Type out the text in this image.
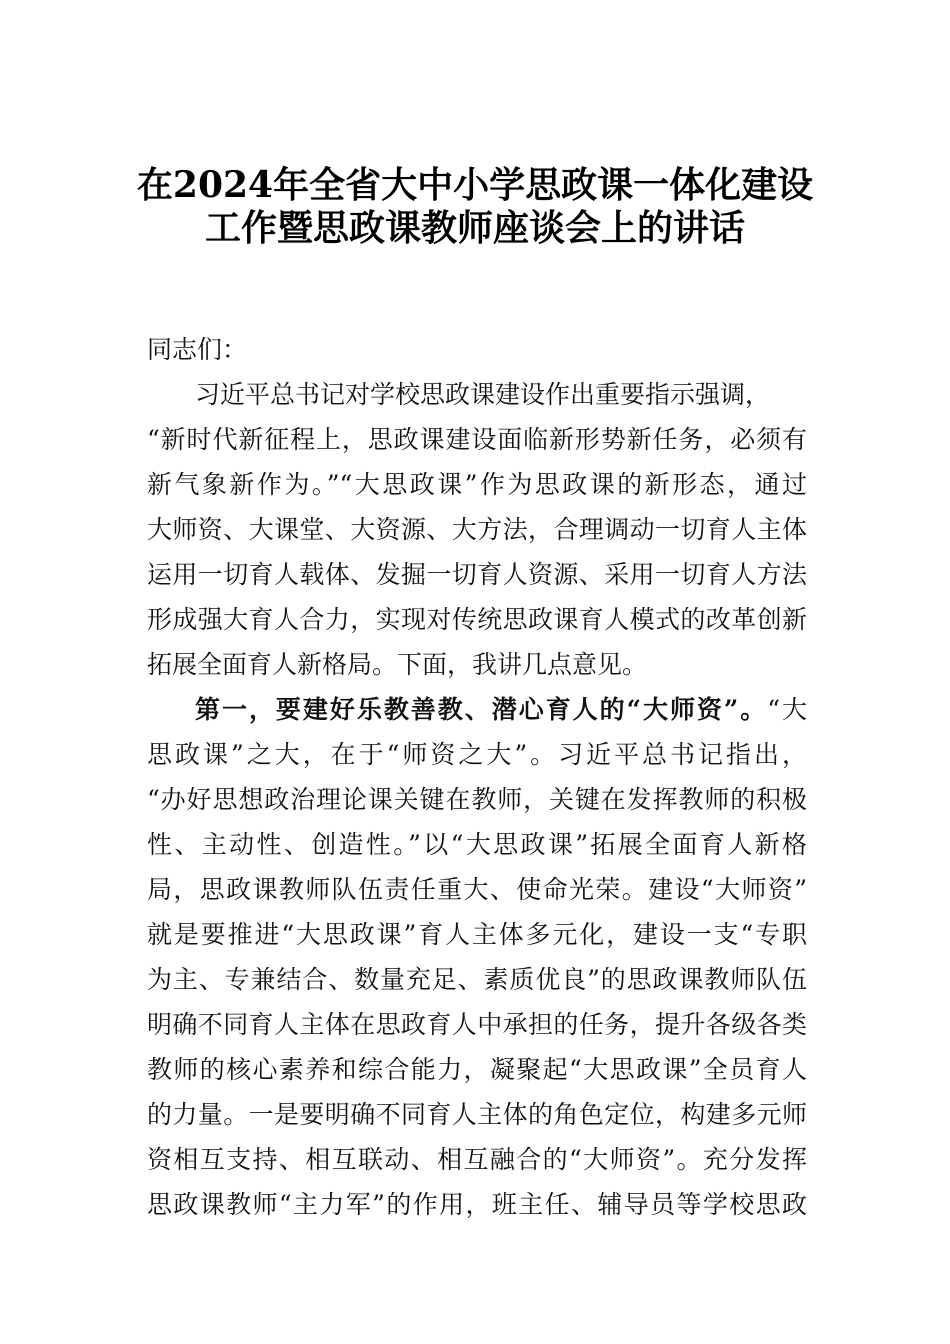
在2024年全省大中小学思政课一体化建设
工作暨思政课教师座谈会上的讲话

同志们：

习近平总书记对学校思政课建设作出重要指示强调，

“新时代新征程上，思政课建设面临新形势新任务，必须有

新气象新作为。”“大思政课”作为思政课的新形态，通过

大师资、大课堂、大资源、大方法，合理调动一切育人主体

运用一切育人载体、发掘一切育人资源、采用一切育人方法

形成强大育人合力，实现对传统思政课育人模式的改革创新

拓展全面育人新格局。下面，我讲几点意见。

第一，要建好乐教善教、潜心育人的“大师资”。“大

思政课”之大，在于“师资之大”。习近平总书记指出，

“办好思想政治理论课关键在教师，关键在发挥教师的积极

性、主动性、创造性。”以“大思政课”拓展全面育人新格

局，思政课教师队伍责任重大、使命光荣。建设“大师资”

就是要推进“大思政课”育人主体多元化，建设一支“专职

为主、专兼结合、数量充足、素质优良”的思政课教师队伍

明确不同育人主体在思政育人中承担的任务，提升各级各类

教师的核心素养和综合能力，凝聚起“大思政课”全员育人

的力量。一是要明确不同育人主体的角色定位，构建多元师

资相互支持、相互联动、相互融合的“大师资”。充分发挥

思政课教师“主力军”的作用，班主任、辅导员等学校思政
